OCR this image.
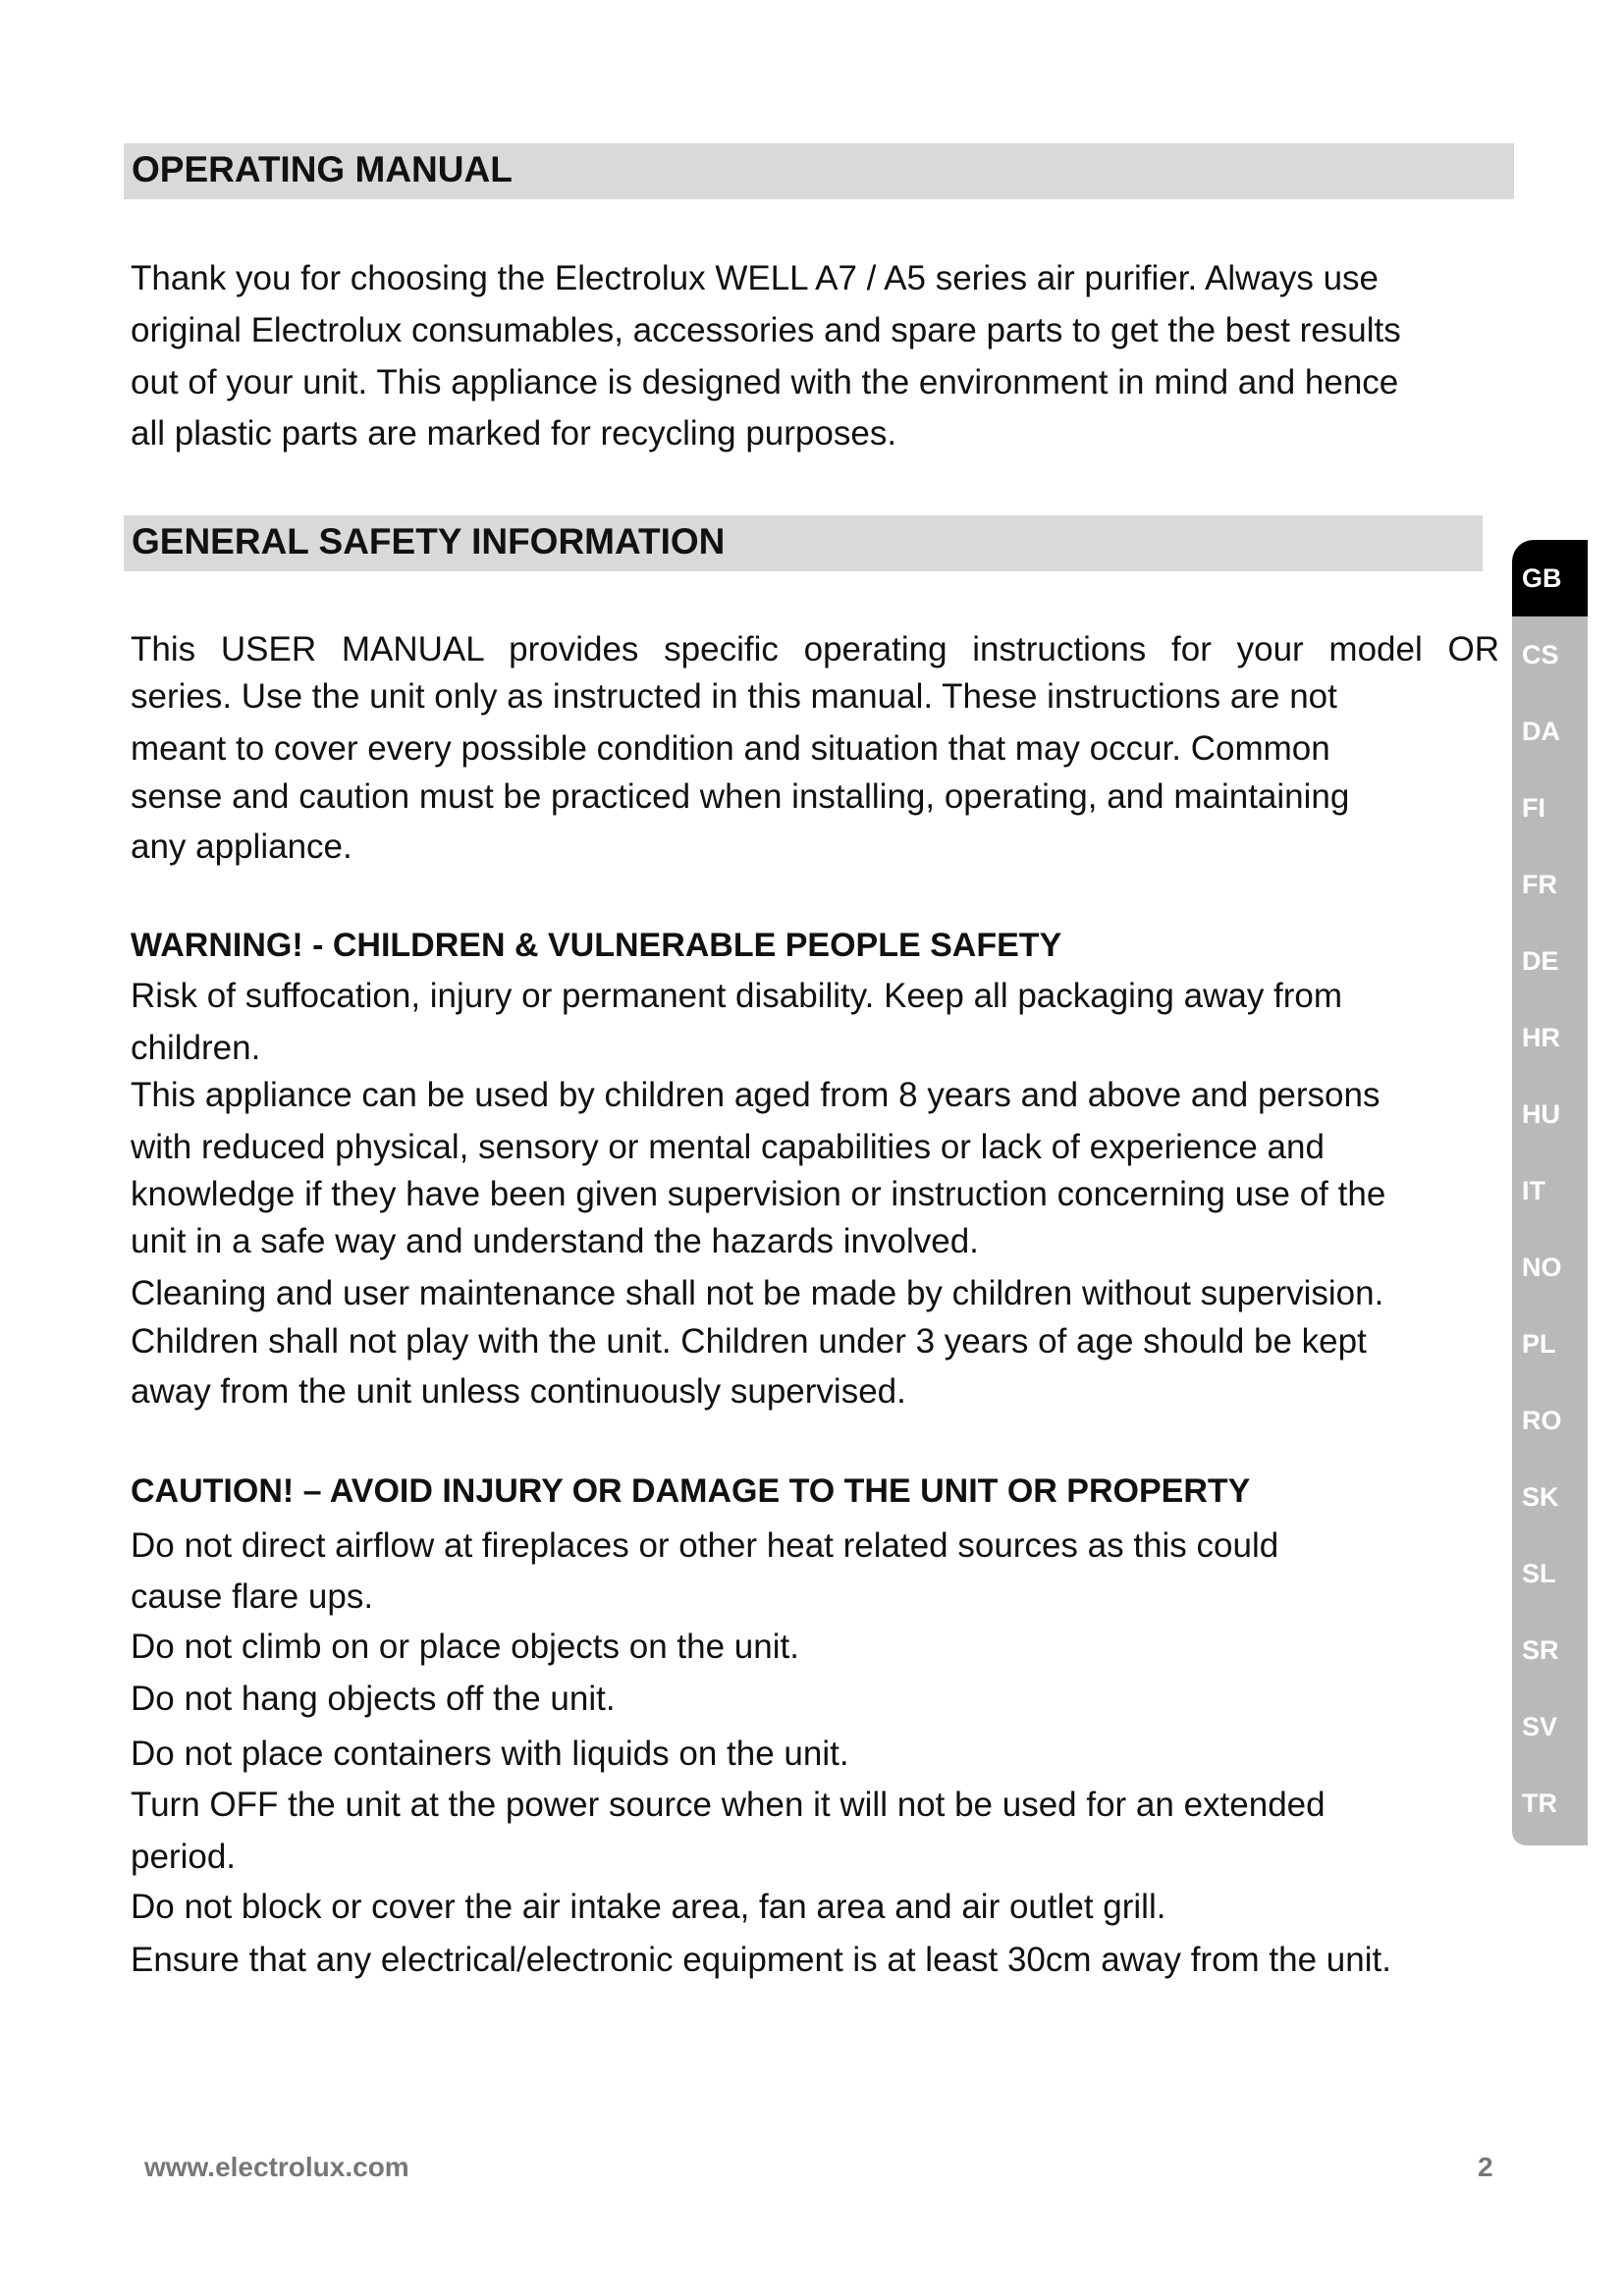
OPERATING MANUAL
GENERAL SAFETY INFORMATION
Thank you for choosing the Electrolux WELL A7 / A5 series air purifier. Always use
original Electrolux consumables, accessories and spare parts to get the best results
out of your unit. This appliance is designed with the environment in mind and hence
all plastic parts are marked for recycling purposes.
This USER MANUAL provides specific operating instructions for your model OR
series. Use the unit only as instructed in this manual. These instructions are not
meant to cover every possible condition and situation that may occur. Common
sense and caution must be practiced when installing, operating, and maintaining
any appliance.
WARNING! - CHILDREN & VULNERABLE PEOPLE SAFETY
Risk of suffocation, injury or permanent disability. Keep all packaging away from
children.
This appliance can be used by children aged from 8 years and above and persons
with reduced physical, sensory or mental capabilities or lack of experience and
knowledge if they have been given supervision or instruction concerning use of the
unit in a safe way and understand the hazards involved.
Cleaning and user maintenance shall not be made by children without supervision.
Children shall not play with the unit. Children under 3 years of age should be kept
away from the unit unless continuously supervised.
CAUTION! – AVOID INJURY OR DAMAGE TO THE UNIT OR PROPERTY
Do not direct airflow at fireplaces or other heat related sources as this could
cause flare ups.
Do not climb on or place objects on the unit.
Do not hang objects off the unit.
Do not place containers with liquids on the unit.
Turn OFF the unit at the power source when it will not be used for an extended
period.
Do not block or cover the air intake area, fan area and air outlet grill.
Ensure that any electrical/electronic equipment is at least 30cm away from the unit.
GB
CS
DA
FI
FR
DE
HR
HU
IT
NO
PL
RO
SK
SL
SR
SV
TR
www.electrolux.com	2
